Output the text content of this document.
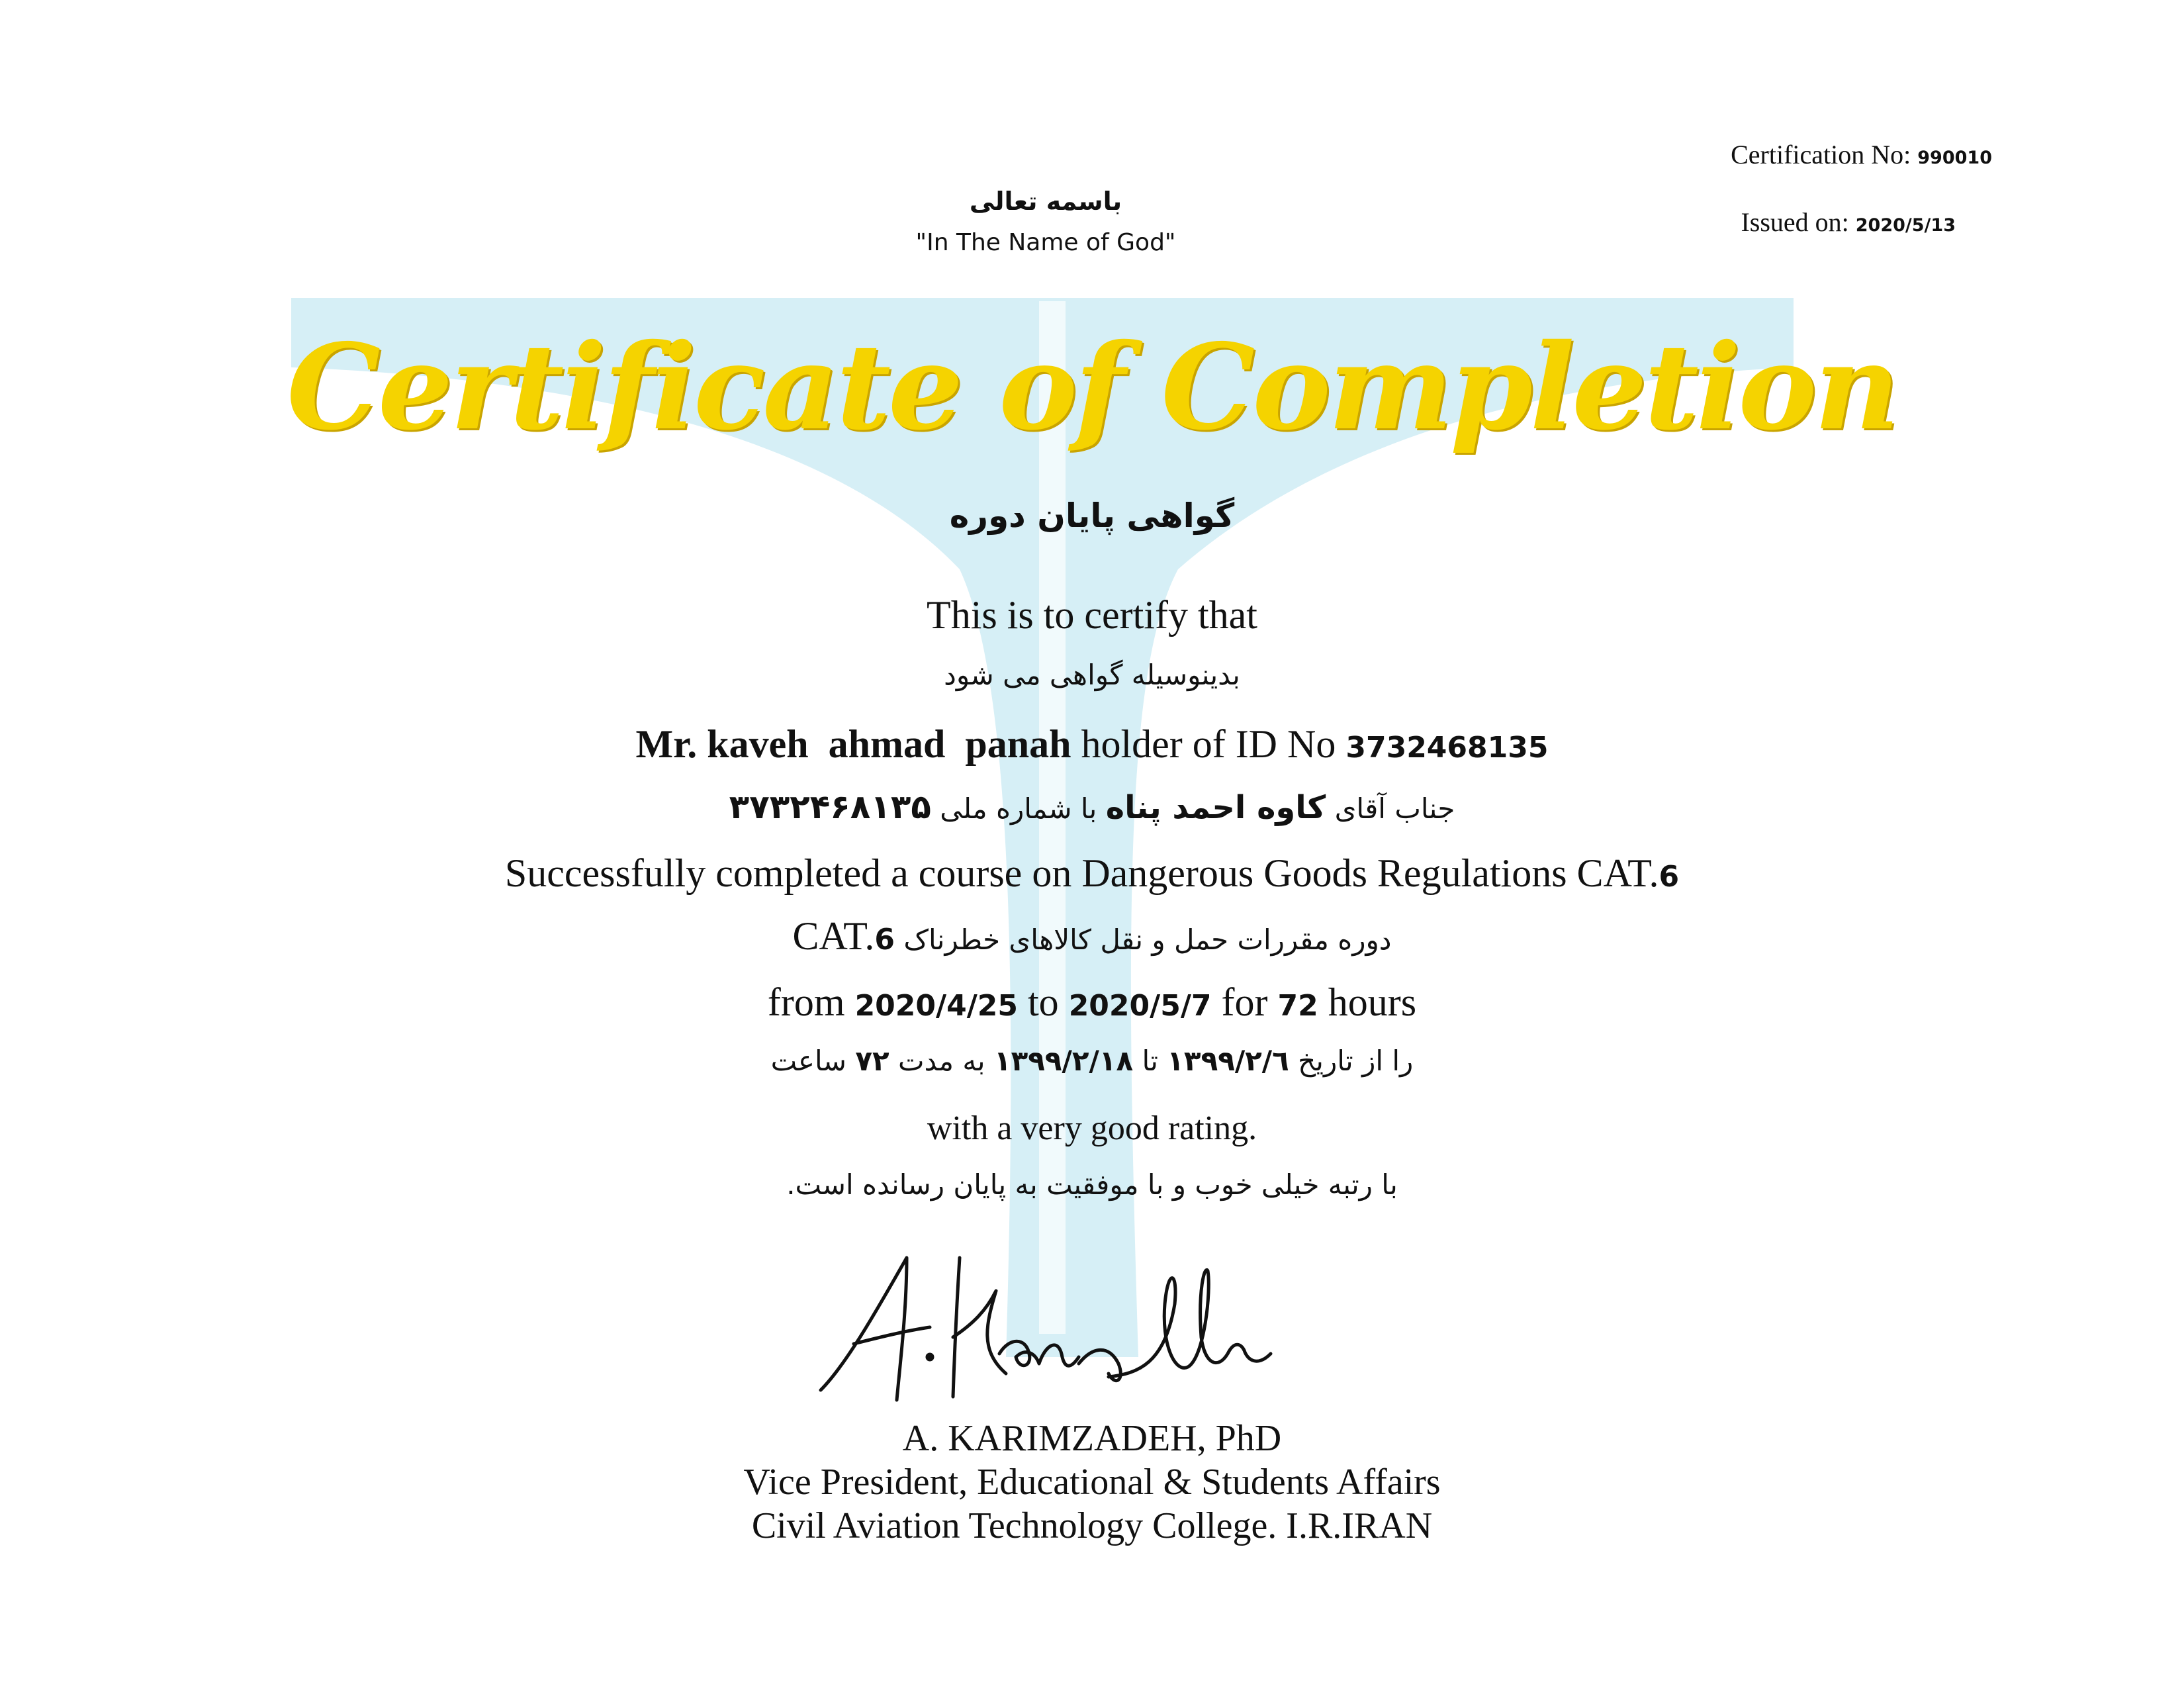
Certification No: 990010
Issued on: 2020/5/13
باسمه تعالی
"In The Name of God"
Certificate of Completion
گواهی پایان دوره
This is to certify that
بدینوسیله گواهی می شود
Mr. kaveh  ahmad  panah holder of ID No 3732468135
جناب آقای کاوه احمد پناه با شماره ملی ۳۷۳۲۴۶۸۱۳۵
Successfully completed a course on Dangerous Goods Regulations CAT.6
دوره مقررات حمل و نقل کالاهای خطرناک CAT.6
from 2020/4/25 to 2020/5/7 for 72 hours
را از تاریخ ۱۳۹۹/۲/٦ تا ۱۳۹۹/۲/۱۸ به مدت ۷۲ ساعت
with a very good rating.
با رتبه خیلی خوب و با موفقیت به پایان رسانده است.
A. KARIMZADEH, PhD
Vice President, Educational & Students Affairs
Civil Aviation Technology College. I.R.IRAN
